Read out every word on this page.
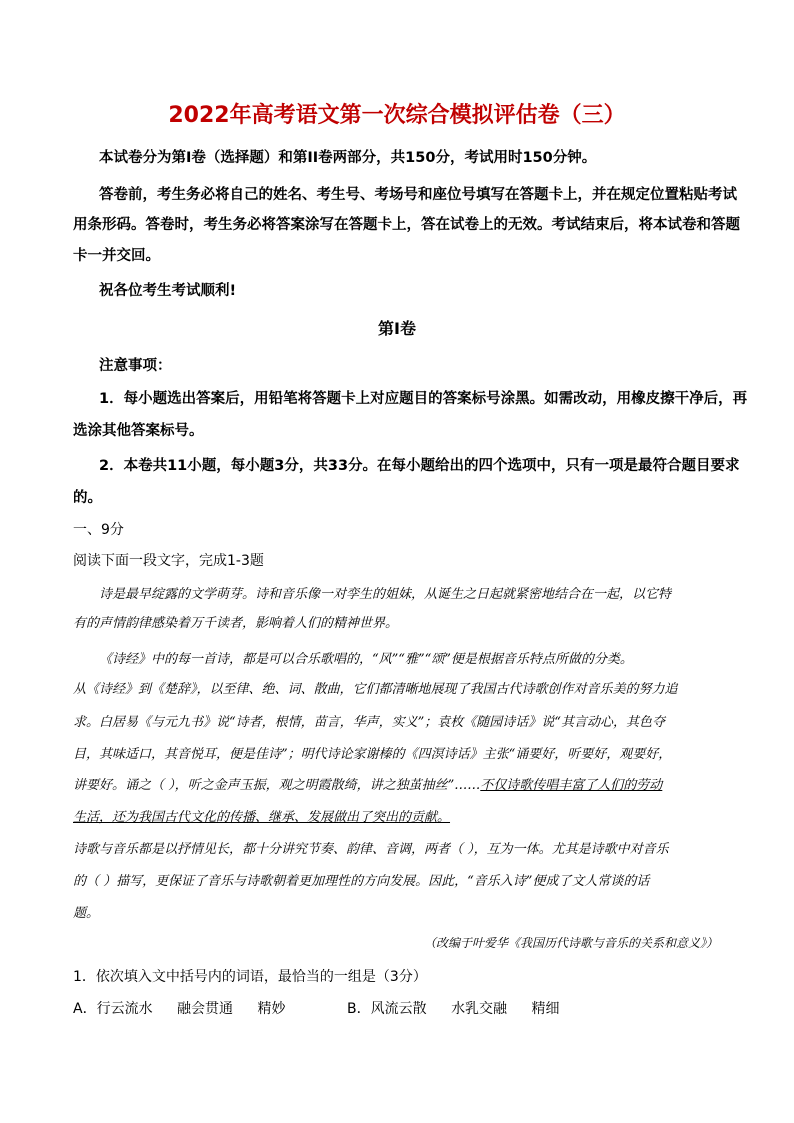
2022年高考语文第一次综合模拟评估卷（三）
本试卷分为第Ⅰ卷（选择题）和第II卷两部分，共150分，考试用时150分钟。
答卷前，考生务必将自己的姓名、考生号、考场号和座位号填写在答题卡上，并在规定位置粘贴考试
用条形码。答卷时，考生务必将答案涂写在答题卡上，答在试卷上的无效。考试结束后，将本试卷和答题
卡一并交回。
祝各位考生考试顺利!
第Ⅰ卷
注意事项：
1．每小题选出答案后，用铅笔将答题卡上对应题目的答案标号涂黑。如需改动，用橡皮擦干净后，再
选涂其他答案标号。
2．本卷共11小题，每小题3分，共33分。在每小题给出的四个选项中，只有一项是最符合题目要求
的。
一、9分
阅读下面一段文字，完成1-3题
诗是最早绽露的文学萌芽。诗和音乐像一对孪生的姐妹，从诞生之日起就紧密地结合在一起，以它特
有的声情韵律感染着万千读者，影响着人们的精神世界。
《诗经》中的每一首诗，都是可以合乐歌唱的，“风”“雅”“颂”便是根据音乐特点所做的分类。
从《诗经》到《楚辞》，以至律、绝、词、散曲，它们都清晰地展现了我国古代诗歌创作对音乐美的努力追
求。白居易《与元九书》说“诗者，根情，苗言，华声，实义”；袁枚《随园诗话》说“其言动心，其色夺
目，其味适口，其音悦耳，便是佳诗”；明代诗论家谢榛的《四溟诗话》主张“诵要好，听要好，观要好，
讲要好。诵之（ ），听之金声玉振，观之明霞散绮，讲之独茧抽丝”……不仅诗歌传唱丰富了人们的劳动
生活，还为我国古代文化的传播、继承、发展做出了突出的贡献。
诗歌与音乐都是以抒情见长，都十分讲究节奏、韵律、音调，两者（ ），互为一体。尤其是诗歌中对音乐
的（ ）描写，更保证了音乐与诗歌朝着更加理性的方向发展。因此，“音乐入诗”便成了文人常谈的话
题。
（改编于叶爱华《我国历代诗歌与音乐的关系和意义》）
1．依次填入文中括号内的词语，最恰当的一组是（3分）
A．行云流水 融会贯通 精妙	B．风流云散 水乳交融 精细
